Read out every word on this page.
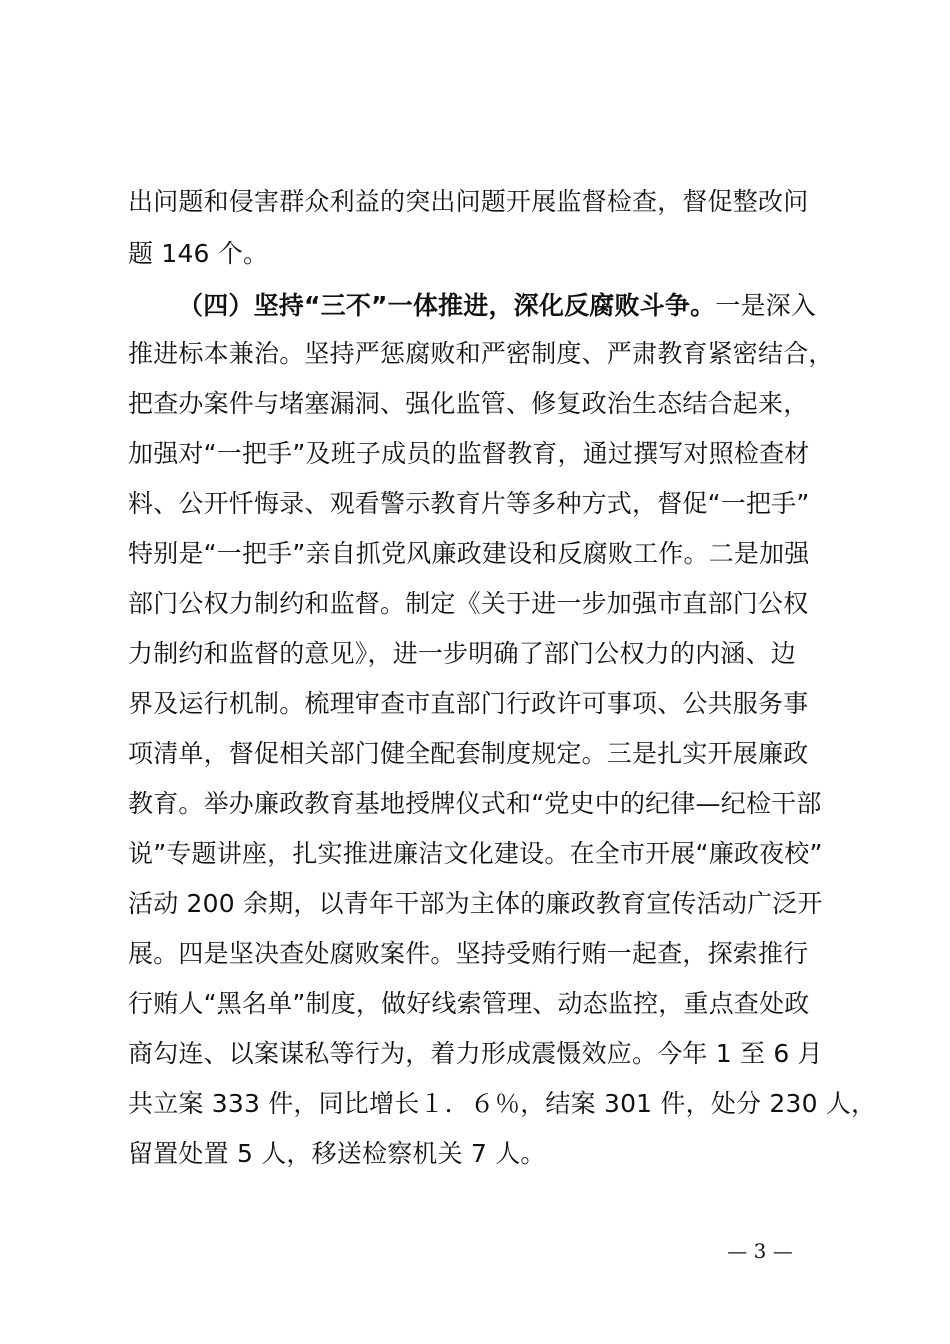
出问题和侵害群众利益的突出问题开展监督检查，督促整改问
题 146 个。
（四）坚持“三不”一体推进，深化反腐败斗争。一是深入
推进标本兼治。坚持严惩腐败和严密制度、严肃教育紧密结合，
把查办案件与堵塞漏洞、强化监管、修复政治生态结合起来，
加强对“一把手”及班子成员的监督教育，通过撰写对照检查材
料、公开忏悔录、观看警示教育片等多种方式，督促“一把手”
特别是“一把手”亲自抓党风廉政建设和反腐败工作。二是加强
部门公权力制约和监督。制定《关于进一步加强市直部门公权
力制约和监督的意见》，进一步明确了部门公权力的内涵、边
界及运行机制。梳理审查市直部门行政许可事项、公共服务事
项清单，督促相关部门健全配套制度规定。三是扎实开展廉政
教育。举办廉政教育基地授牌仪式和“党史中的纪律—纪检干部
说”专题讲座，扎实推进廉洁文化建设。在全市开展“廉政夜校”
活动 200 余期，以青年干部为主体的廉政教育宣传活动广泛开
展。四是坚决查处腐败案件。坚持受贿行贿一起查，探索推行
行贿人“黑名单”制度，做好线索管理、动态监控，重点查处政
商勾连、以案谋私等行为，着力形成震慑效应。今年 1 至 6 月
共立案 333 件，同比增长１．６％，结案 301 件，处分 230 人，
留置处置 5 人，移送检察机关 7 人。
— 3 —
